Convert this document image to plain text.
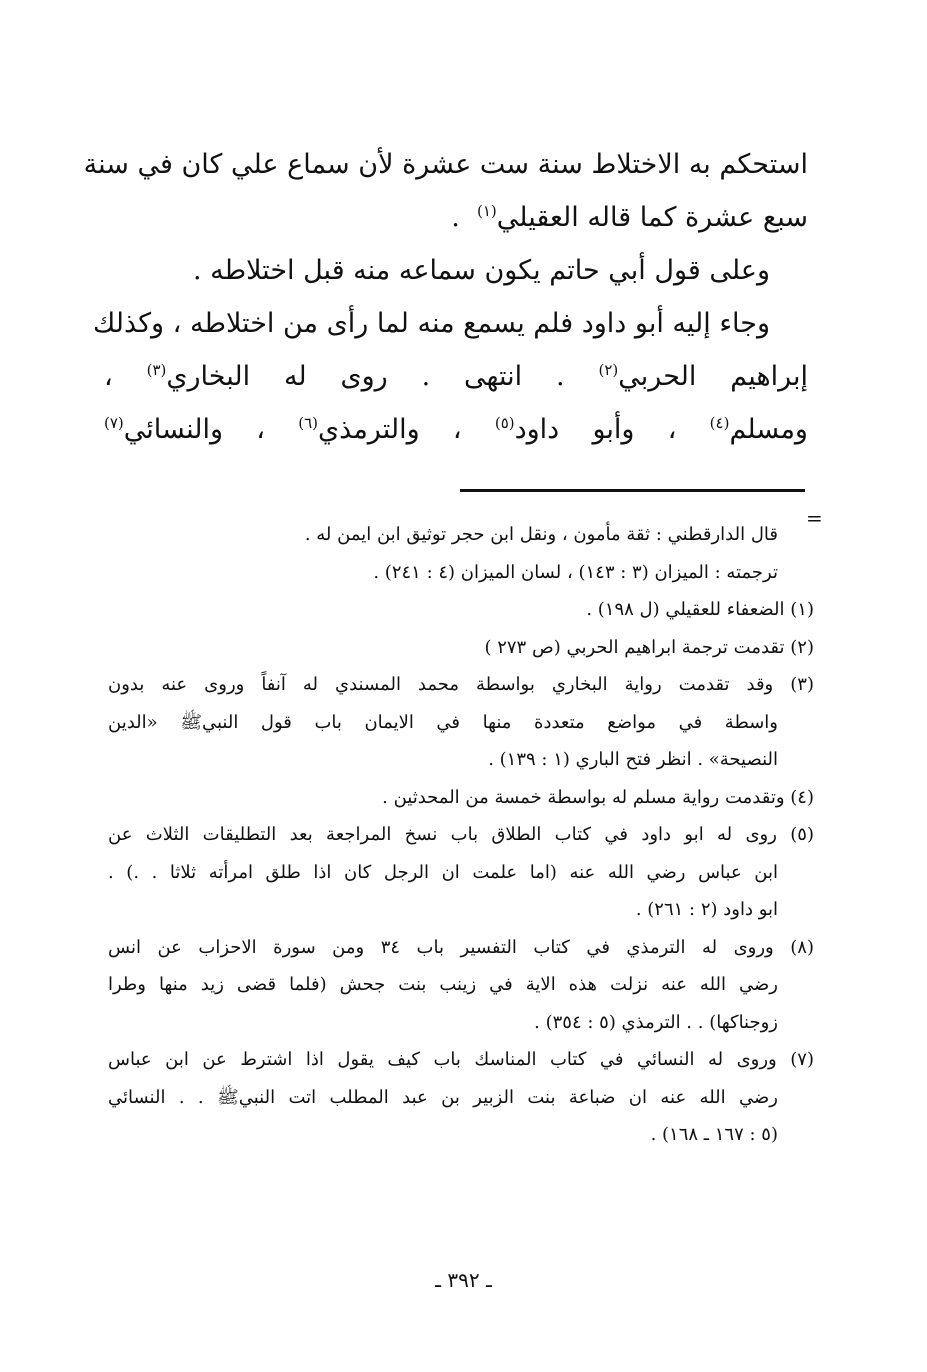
استحكم به الاختلاط سنة ست عشرة لأن سماع علي كان في سنة
سبع عشرة كما قاله العقيلي$^{(١)}$  .
وعلى قول أبي حاتم يكون سماعه منه قبل اختلاطه .
وجاء إليه أبو داود فلم يسمع منه لما رأى من اختلاطه ، وكذلك
إبراهيم الحربي$^{(٢)}$ . انتهى . روى له البخاري$^{(٣)}$ ،
ومسلم$^{(٤)}$ ، وأبو داود$^{(٥)}$ ، والترمذي$^{(٦)}$ ، والنسائي$^{(٧)}$
=
قال الدارقطني : ثقة مأمون ، ونقل ابن حجر توثيق ابن ايمن له .
ترجمته : الميزان (٣ : ١٤٣) ، لسان الميزان (٤ : ٢٤١) .
(١) الضعفاء للعقيلي (ل ١٩٨) .
(٢) تقدمت ترجمة ابراهيم الحربي (ص ٢٧٣ )
(٣) وقد تقدمت رواية البخاري بواسطة محمد المسندي له آنفاً وروى عنه بدون
واسطة في مواضع متعددة منها في الايمان باب قول النبيﷺ «الدين
النصيحة» . انظر فتح الباري (١ : ١٣٩) .
(٤) وتقدمت رواية مسلم له بواسطة خمسة من المحدثين .
(٥) روى له ابو داود في كتاب الطلاق باب نسخ المراجعة بعد التطليقات الثلاث عن
ابن عباس رضي الله عنه (اما علمت ان الرجل كان اذا طلق امرأته ثلاثا . .) .
ابو داود (٢ : ٢٦١) .
(٨) وروى له الترمذي في كتاب التفسير باب ٣٤ ومن سورة الاحزاب عن انس
رضي الله عنه نزلت هذه الاية في زينب بنت جحش (فلما قضى زيد منها وطرا
زوجناكها) . . الترمذي (٥ : ٣٥٤) .
(٧) وروى له النسائي في كتاب المناسك باب كيف يقول اذا اشترط عن ابن عباس
رضي الله عنه ان ضباعة بنت الزبير بن عبد المطلب اتت النبيﷺ . . النسائي
(٥ : ١٦٧ ـ ١٦٨) .
ـ ٣٩٢ ـ
